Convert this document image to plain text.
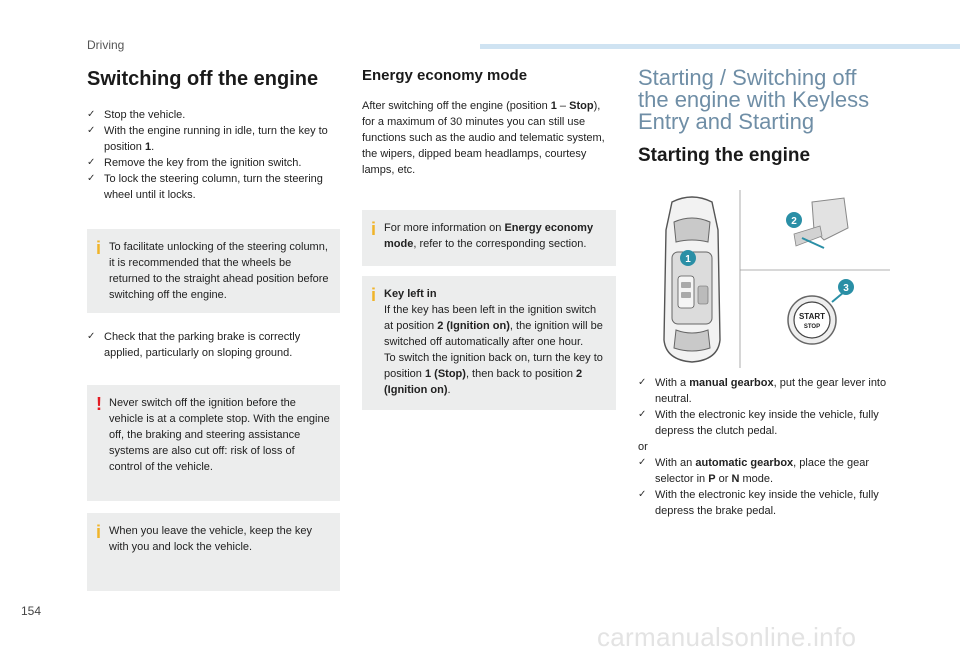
Driving
Switching off the engine
✓ Stop the vehicle.
✓ With the engine running in idle, turn the key to position 1.
✓ Remove the key from the ignition switch.
✓ To lock the steering column, turn the steering wheel until it locks.
i To facilitate unlocking of the steering column, it is recommended that the wheels be returned to the straight ahead position before switching off the engine.
✓ Check that the parking brake is correctly applied, particularly on sloping ground.
! Never switch off the ignition before the vehicle is at a complete stop. With the engine off, the braking and steering assistance systems are also cut off: risk of loss of control of the vehicle.
i When you leave the vehicle, keep the key with you and lock the vehicle.
Energy economy mode

After switching off the engine (position 1 – Stop), for a maximum of 30 minutes you can still use functions such as the audio and telematic system, the wipers, dipped beam headlamps, courtesy lamps, etc.

i For more information on Energy economy mode, refer to the corresponding section.
i Key left in
If the key has been left in the ignition switch at position 2 (Ignition on), the ignition will be switched off automatically after one hour.
To switch the ignition back on, turn the key to position 1 (Stop), then back to position 2 (Ignition on).
Starting / Switching off
the engine with Keyless
Entry and Starting
Starting the engine
1
2
START
STOP
3
✓ With a manual gearbox, put the gear lever into neutral.
✓ With the electronic key inside the vehicle, fully depress the clutch pedal.
or
✓ With an automatic gearbox, place the gear selector in P or N mode.
✓ With the electronic key inside the vehicle, fully depress the brake pedal.
154
carmanualsonline.info
